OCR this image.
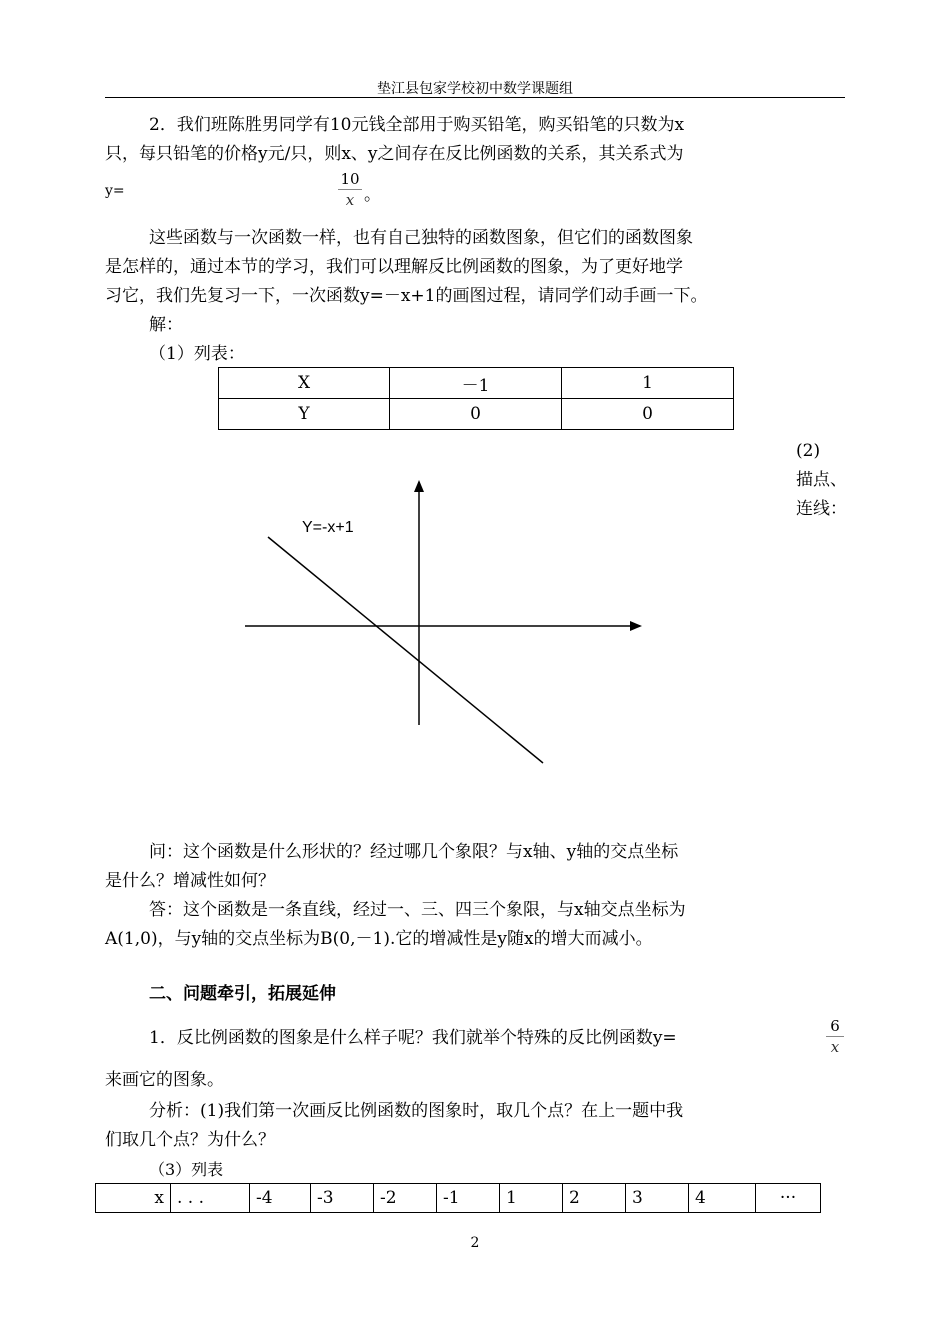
垫江县包家学校初中数学课题组
2．我们班陈胜男同学有10元钱全部用于购买铅笔，购买铅笔的只数为x
只，每只铅笔的价格y元/只，则x、y之间存在反比例函数的关系，其关系式为
y=
10
x 。
这些函数与一次函数一样，也有自己独特的函数图象，但它们的函数图象
是怎样的，通过本节的学习，我们可以理解反比例函数的图象，为了更好地学
习它，我们先复习一下，一次函数y=－x+1的画图过程，请同学们动手画一下。
解：
（1）列表：
X	－1	1
Y	0	0
(2)
描点、
连线：
Y=-x+1
问：这个函数是什么形状的？经过哪几个象限？与x轴、y轴的交点坐标
是什么？增减性如何？
答：这个函数是一条直线，经过一、三、四三个象限，与x轴交点坐标为
A(1,0)，与y轴的交点坐标为B(0,－1).它的增减性是y随x的增大而减小。
二、问题牵引，拓展延伸
1．反比例函数的图象是什么样子呢？我们就举个特殊的反比例函数y=
6
x
来画它的图象。
分析：(1)我们第一次画反比例函数的图象时，取几个点？在上一题中我
们取几个点？为什么？
（3）列表
x	. . .	-4	-3	-2	-1	1	2	3	4	···
2
